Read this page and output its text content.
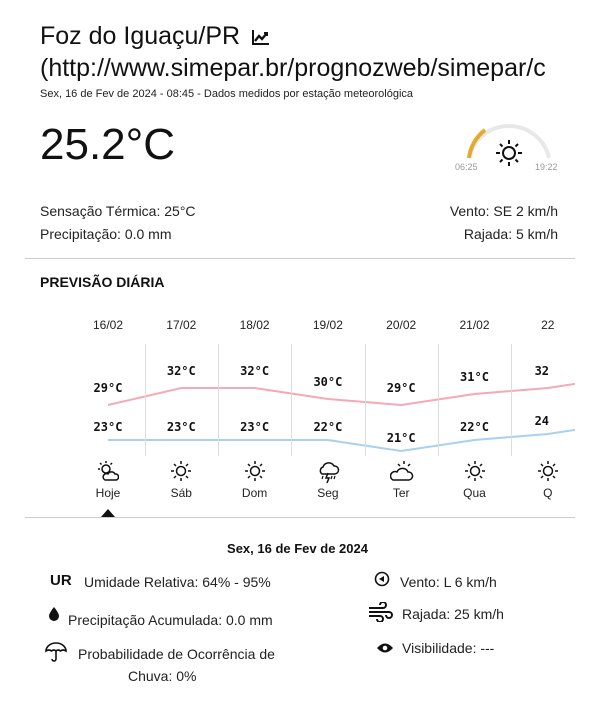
Foz do Iguaçu/PR
(http://www.simepar.br/prognozweb/simepar/c
Sex, 16 de Fev de 2024 - 08:45 - Dados medidos por estação meteorológica
25.2°C	06:25	19:22
Sensação Térmica: 25°C
Precipitação: 0.0 mm
Vento: SE 2 km/h
Rajada: 5 km/h
PREVISÃO DIÁRIA
16/02
29°C
23°C
Hoje
17/02
32°C
23°C
Sáb
18/02
32°C
23°C
Dom
19/02
30°C
22°C
Seg
20/02
29°C
21°C
Ter
21/02
31°C
22°C
Qua
22
32
24
Q
Sex, 16 de Fev de 2024
UR Umidade Relativa: 64% - 95%
Precipitação Acumulada: 0.0 mm
Probabilidade de Ocorrência de
Chuva: 0%
Vento: L 6 km/h
Rajada: 25 km/h
Visibilidade: ---
